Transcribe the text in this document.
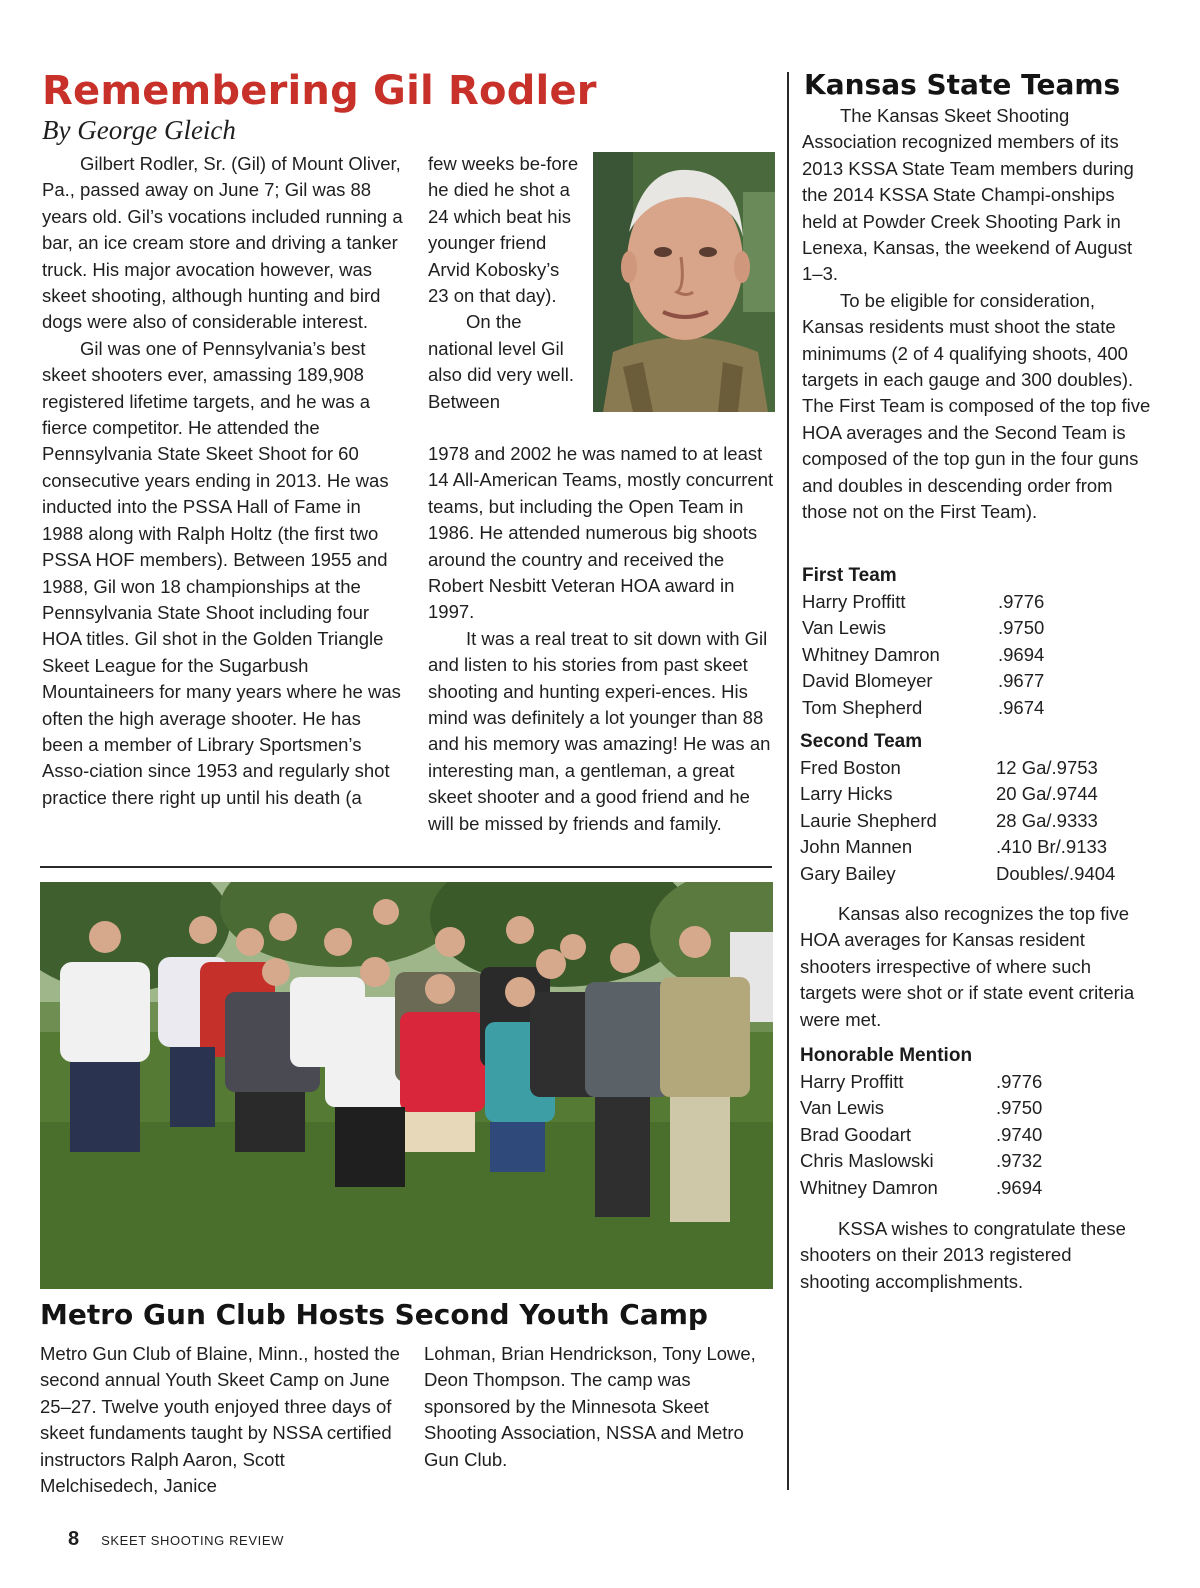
Remembering Gil Rodler
By George Gleich

Gilbert Rodler, Sr. (Gil) of Mount Oliver, Pa., passed away on June 7; Gil was 88 years old. Gil’s vocations included running a bar, an ice cream store and driving a tanker truck. His major avocation however, was skeet shooting, although hunting and bird dogs were also of considerable interest.

Gil was one of Pennsylvania’s best skeet shooters ever, amassing 189,908 registered lifetime targets, and he was a fierce competitor. He attended the Pennsylvania State Skeet Shoot for 60 consecutive years ending in 2013. He was inducted into the PSSA Hall of Fame in 1988 along with Ralph Holtz (the first two PSSA HOF members). Between 1955 and 1988, Gil won 18 championships at the Pennsylvania State Shoot including four HOA titles. Gil shot in the Golden Triangle Skeet League for the Sugarbush Mountaineers for many years where he was often the high average shooter. He has been a member of Library Sportsmen’s Asso-ciation since 1953 and regularly shot practice there right up until his death (a

few weeks be-fore he died he shot a 24 which beat his younger friend Arvid Kobosky’s 23 on that day).

On the national level Gil also did very well. Between

1978 and 2002 he was named to at least 14 All-American Teams, mostly concurrent teams, but including the Open Team in 1986. He attended numerous big shoots around the country and received the Robert Nesbitt Veteran HOA award in 1997.

It was a real treat to sit down with Gil and listen to his stories from past skeet shooting and hunting experi-ences. His mind was definitely a lot younger than 88 and his memory was amazing! He was an interesting man, a gentleman, a great skeet shooter and a good friend and he will be missed by friends and family.

Metro Gun Club Hosts Second Youth Camp

Metro Gun Club of Blaine, Minn., hosted the second annual Youth Skeet Camp on June 25–27. Twelve youth enjoyed three days of skeet fundaments taught by NSSA certified instructors Ralph Aaron, Scott Melchisedech, Janice

Lohman, Brian Hendrickson, Tony Lowe, Deon Thompson. The camp was sponsored by the Minnesota Skeet Shooting Association, NSSA and Metro Gun Club.

Kansas State Teams

The Kansas Skeet Shooting Association recognized members of its 2013 KSSA State Team members during the 2014 KSSA State Champi-onships held at Powder Creek Shooting Park in Lenexa, Kansas, the weekend of August 1–3.

To be eligible for consideration, Kansas residents must shoot the state minimums (2 of 4 qualifying shoots, 400 targets in each gauge and 300 doubles). The First Team is composed of the top five HOA averages and the Second Team is composed of the top gun in the four guns and doubles in descending order from those not on the First Team).

First Team
Harry Proffitt	.9776
Van Lewis	.9750
Whitney Damron	.9694
David Blomeyer	.9677
Tom Shepherd	.9674
Second Team
Fred Boston	12 Ga/.9753
Larry Hicks	20 Ga/.9744
Laurie Shepherd	28 Ga/.9333
John Mannen	.410 Br/.9133
Gary Bailey	Doubles/.9404

Kansas also recognizes the top five HOA averages for Kansas resident shooters irrespective of where such targets were shot or if state event criteria were met.

Honorable Mention
Harry Proffitt	.9776
Van Lewis	.9750
Brad Goodart	.9740
Chris Maslowski	.9732
Whitney Damron	.9694

KSSA wishes to congratulate these shooters on their 2013 registered shooting accomplishments.

8 SKEET SHOOTING REVIEW
